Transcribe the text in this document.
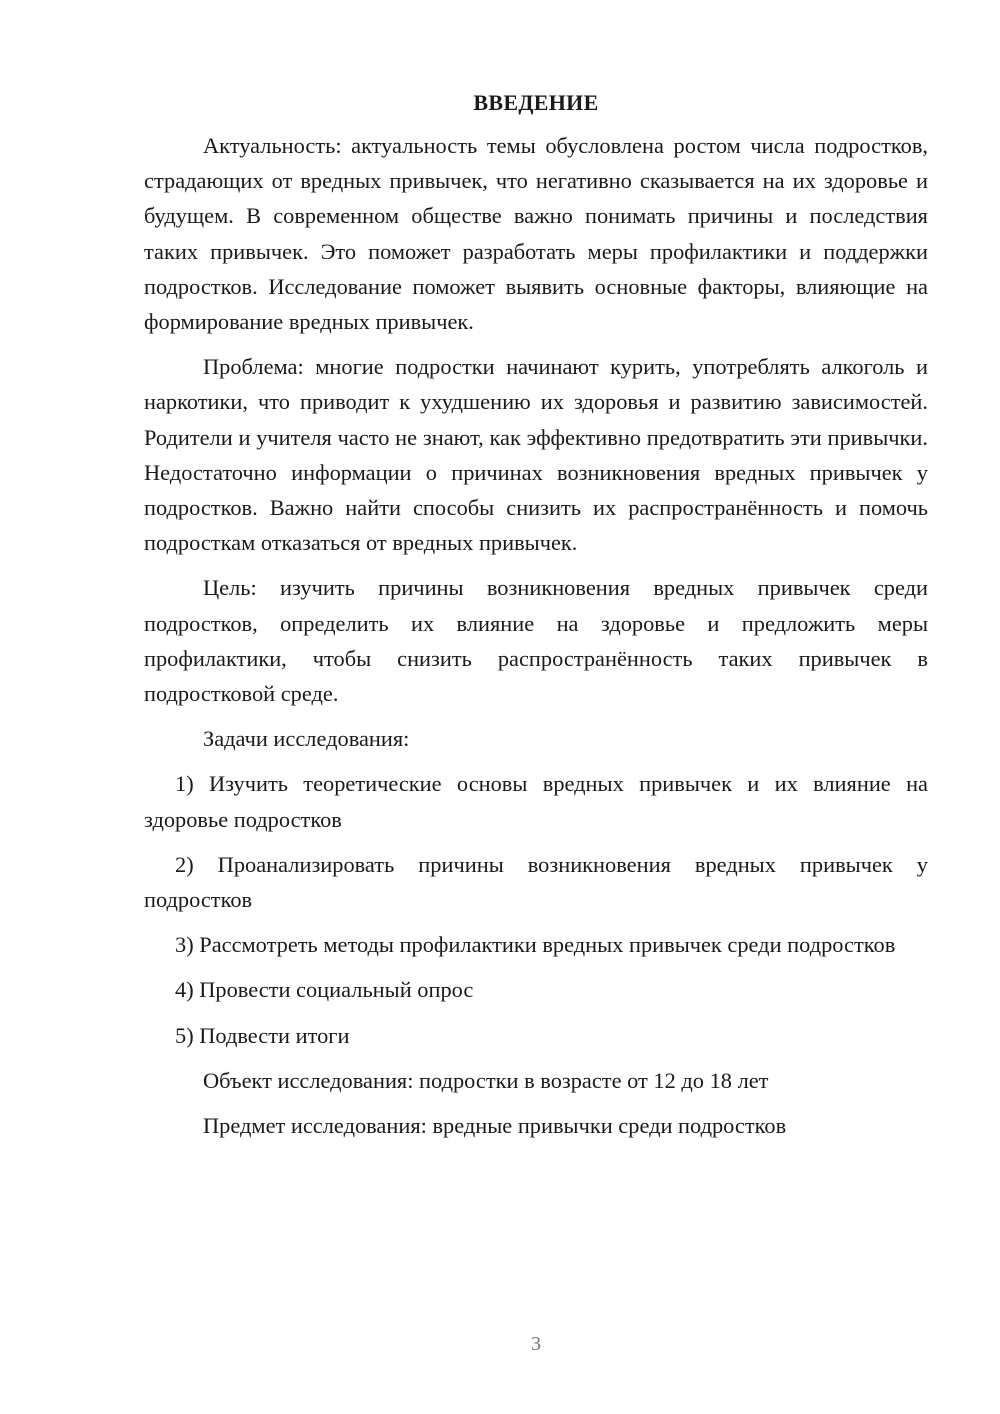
ВВЕДЕНИЕ

Актуальность: актуальность темы обусловлена ростом числа подростков, страдающих от вредных привычек, что негативно сказывается на их здоровье и будущем. В современном обществе важно понимать причины и последствия таких привычек. Это поможет разработать меры профилактики и поддержки подростков. Исследование поможет выявить основные факторы, влияющие на формирование вредных привычек.

Проблема: многие подростки начинают курить, употреблять алкоголь и наркотики, что приводит к ухудшению их здоровья и развитию зависимостей. Родители и учителя часто не знают, как эффективно предотвратить эти привычки. Недостаточно информации о причинах возникновения вредных привычек у подростков. Важно найти способы снизить их распространённость и помочь подросткам отказаться от вредных привычек.

Цель: изучить причины возникновения вредных привычек среди подростков, определить их влияние на здоровье и предложить меры профилактики, чтобы снизить распространённость таких привычек в подростковой среде.

Задачи исследования:

1) Изучить теоретические основы вредных привычек и их влияние на здоровье подростков

2) Проанализировать причины возникновения вредных привычек у подростков

3) Рассмотреть методы профилактики вредных привычек среди подростков

4) Провести социальный опрос

5) Подвести итоги

Объект исследования: подростки в возрасте от 12 до 18 лет

Предмет исследования: вредные привычки среди подростков

3
